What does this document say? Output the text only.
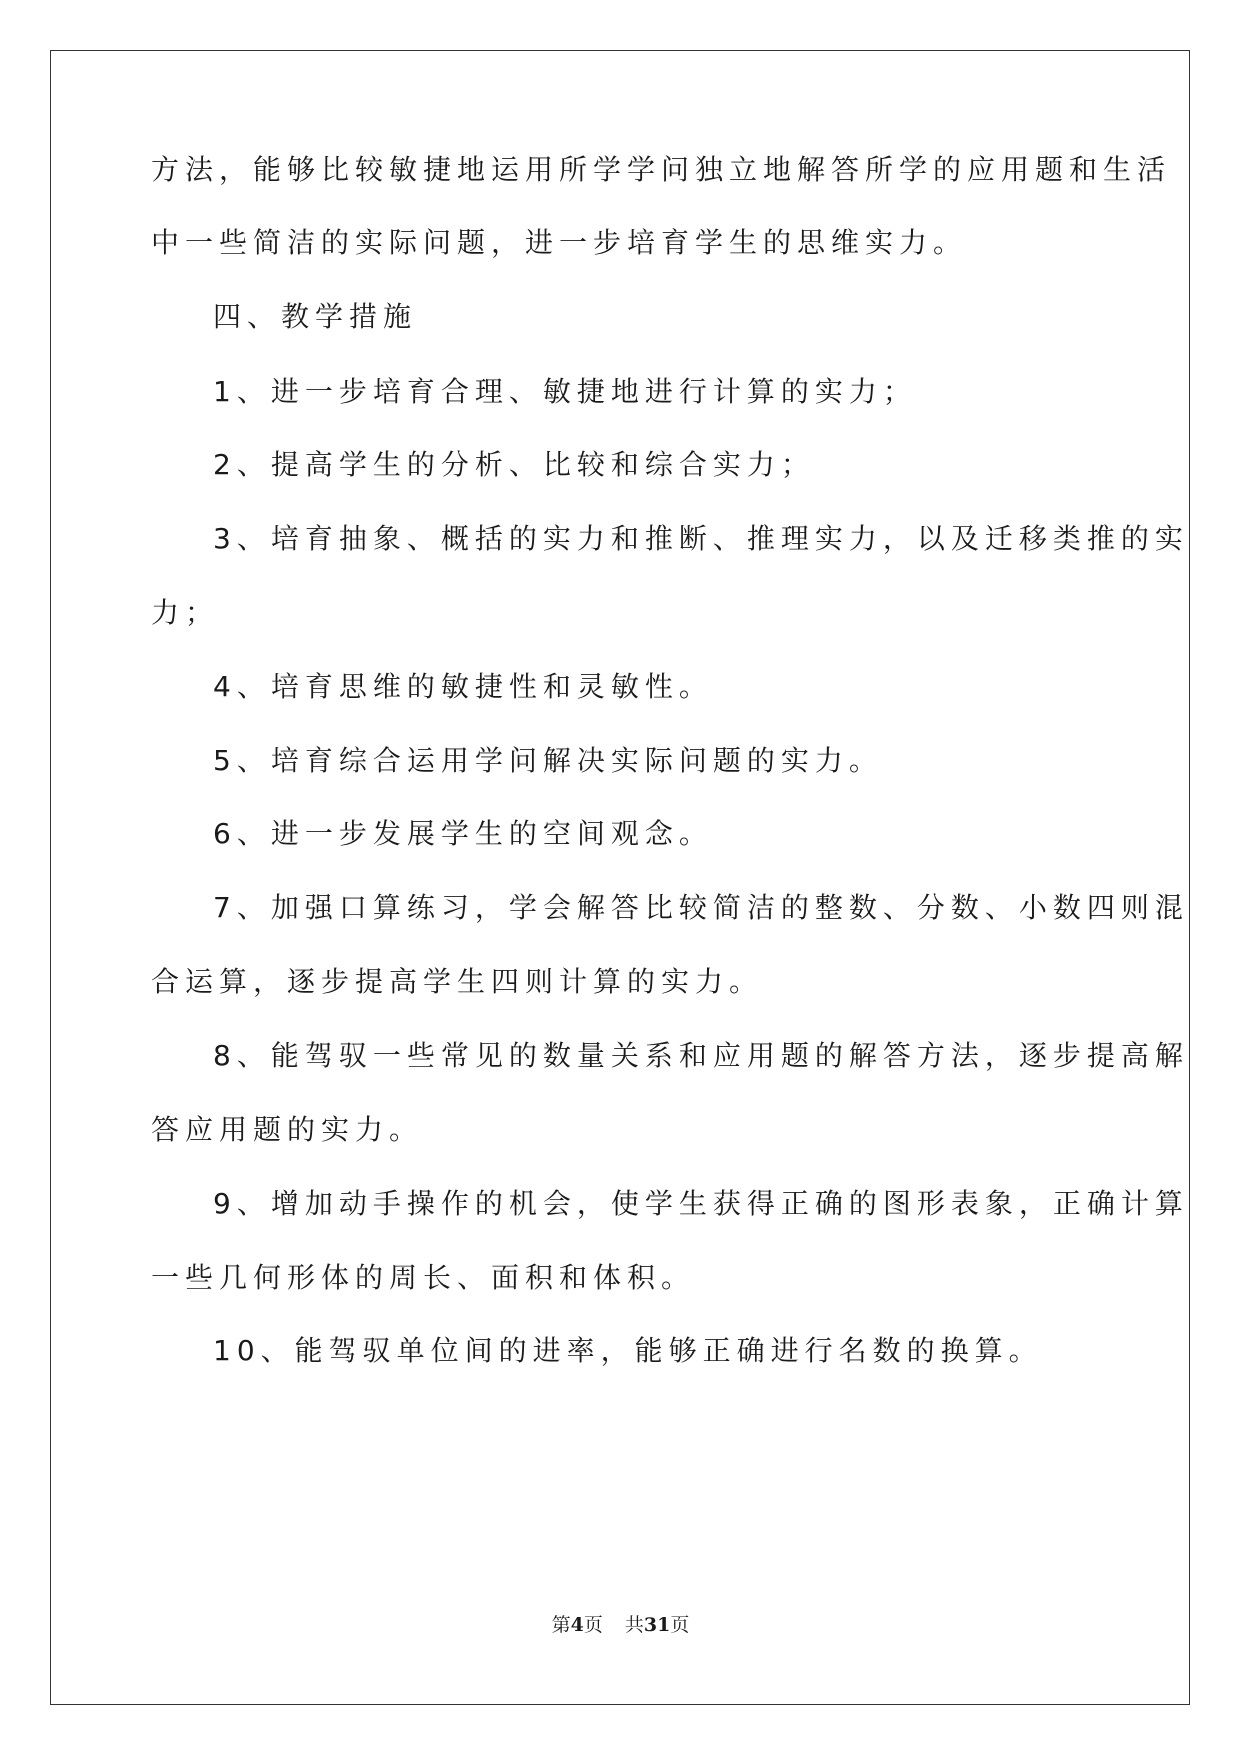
方法，能够比较敏捷地运用所学学问独立地解答所学的应用题和生活
中一些简洁的实际问题，进一步培育学生的思维实力。
四、教学措施
1、进一步培育合理、敏捷地进行计算的实力；
2、提高学生的分析、比较和综合实力；
3、培育抽象、概括的实力和推断、推理实力，以及迁移类推的实
力；
4、培育思维的敏捷性和灵敏性。
5、培育综合运用学问解决实际问题的实力。
6、进一步发展学生的空间观念。
7、加强口算练习，学会解答比较简洁的整数、分数、小数四则混
合运算，逐步提高学生四则计算的实力。
8、能驾驭一些常见的数量关系和应用题的解答方法，逐步提高解
答应用题的实力。
9、增加动手操作的机会，使学生获得正确的图形表象，正确计算
一些几何形体的周长、面积和体积。
10、能驾驭单位间的进率，能够正确进行名数的换算。
第4页 共31页
